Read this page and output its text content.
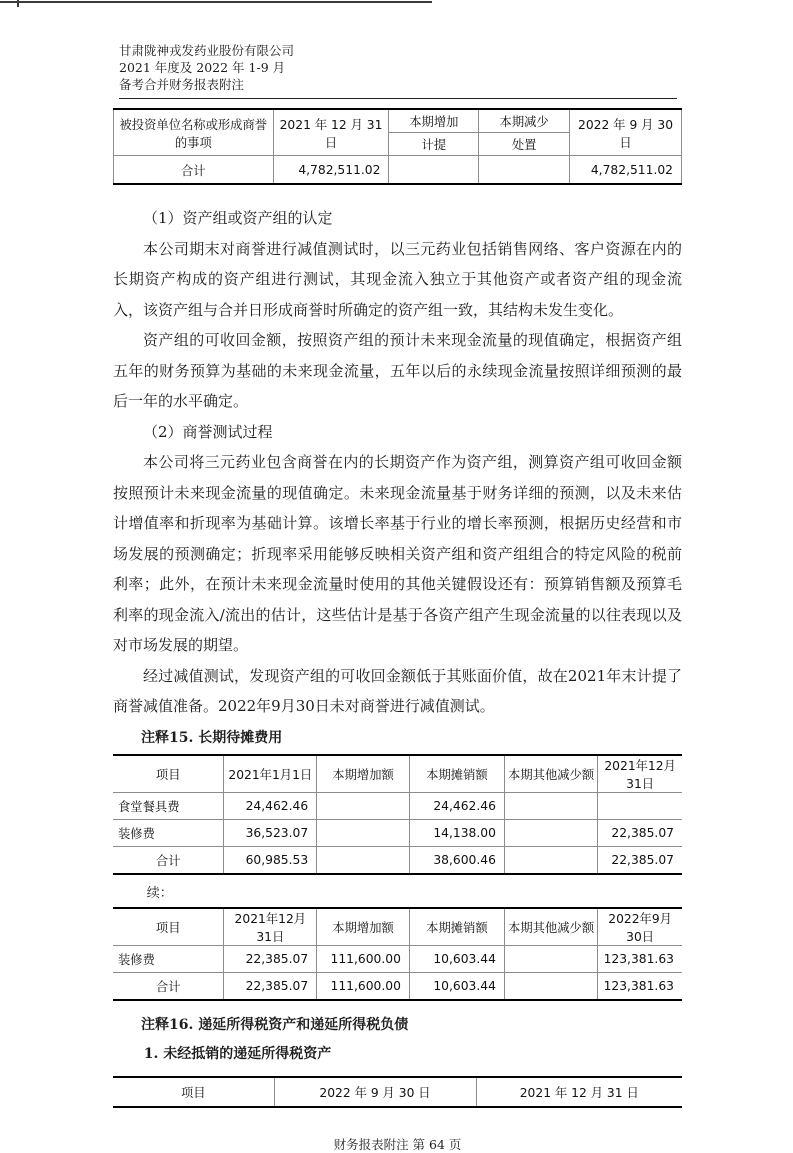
甘肃陇神戎发药业股份有限公司
2021 年度及 2022 年 1-9 月
备考合并财务报表附注
被投资单位名称或形成商誉的事项	2021 年 12 月 31 日	本期增加	本期减少	2022 年 9 月 30 日
		计提	处置	
合计	4,782,511.02			4,782,511.02

（1）资产组或资产组的认定

本公司期末对商誉进行减值测试时，以三元药业包括销售网络、客户资源在内的长期资产构成的资产组进行测试，其现金流入独立于其他资产或者资产组的现金流入，该资产组与合并日形成商誉时所确定的资产组一致，其结构未发生变化。

资产组的可收回金额，按照资产组的预计未来现金流量的现值确定，根据资产组五年的财务预算为基础的未来现金流量，五年以后的永续现金流量按照详细预测的最后一年的水平确定。

（2）商誉测试过程

本公司将三元药业包含商誉在内的长期资产作为资产组，测算资产组可收回金额按照预计未来现金流量的现值确定。未来现金流量基于财务详细的预测，以及未来估计增值率和折现率为基础计算。该增长率基于行业的增长率预测，根据历史经营和市场发展的预测确定；折现率采用能够反映相关资产组和资产组组合的特定风险的税前利率；此外，在预计未来现金流量时使用的其他关键假设还有：预算销售额及预算毛利率的现金流入/流出的估计，这些估计是基于各资产组产生现金流量的以往表现以及对市场发展的期望。

经过减值测试，发现资产组的可收回金额低于其账面价值，故在2021年末计提了商誉减值准备。2022年9月30日未对商誉进行减值测试。

注释15. 长期待摊费用

项目	2021年1月1日	本期增加额	本期摊销额	本期其他减少额	2021年12月31日
食堂餐具费	24,462.46		24,462.46		
装修费	36,523.07		14,138.00		22,385.07
合计	60,985.53		38,600.46		22,385.07

续：

项目	2021年12月31日	本期增加额	本期摊销额	本期其他减少额	2022年9月30日
装修费	22,385.07	111,600.00	10,603.44		123,381.63
合计	22,385.07	111,600.00	10,603.44		123,381.63

注释16. 递延所得税资产和递延所得税负债

1. 未经抵销的递延所得税资产

项目	2022 年 9 月 30 日	2021 年 12 月 31 日
财务报表附注 第 64 页
